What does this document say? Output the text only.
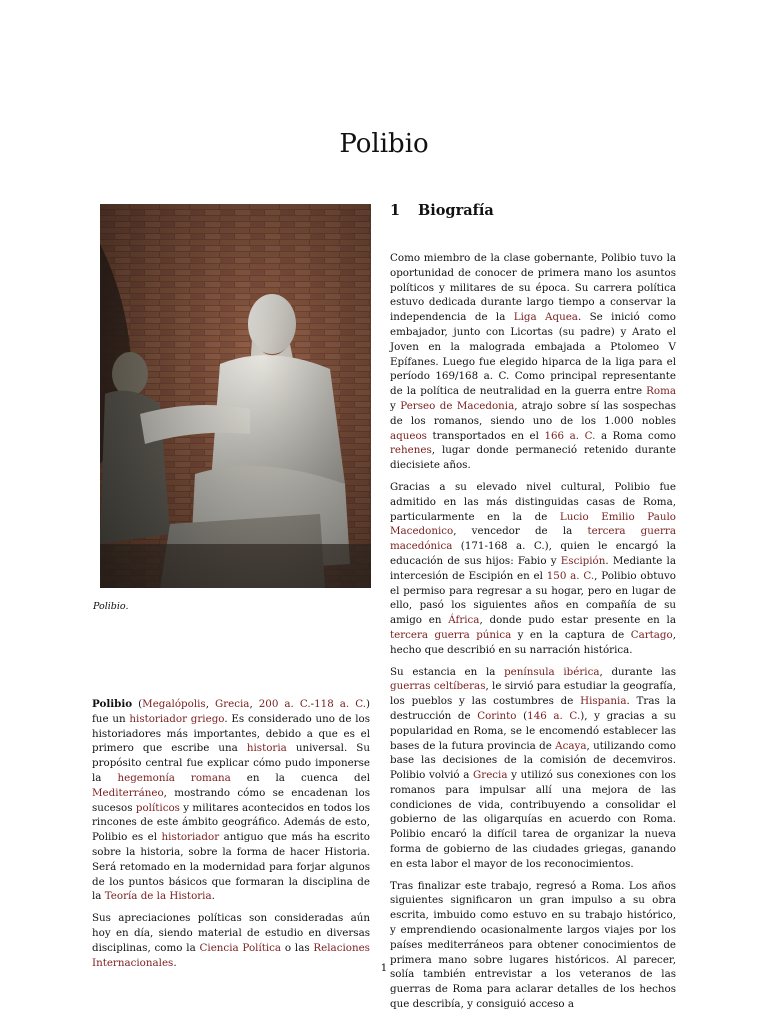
Polibio
Polibio.
1 Biografía

Polibio (Megalópolis, Grecia, 200 a. C.-118 a. C.) fue un historiador griego. Es considerado uno de los historiadores más importantes, debido a que es el primero que escribe una historia universal. Su propósito central fue explicar cómo pudo imponerse la hegemonía romana en la cuenca del Mediterráneo, mostrando cómo se encadenan los sucesos políticos y militares acontecidos en todos los rincones de este ámbito geográfico. Además de esto, Polibio es el historiador antiguo que más ha escrito sobre la historia, sobre la forma de hacer Historia. Será retomado en la modernidad para forjar algunos de los puntos básicos que formaran la disciplina de la Teoría de la Historia.

Sus apreciaciones políticas son consideradas aún hoy en día, siendo material de estudio en diversas disciplinas, como la Ciencia Política o las Relaciones Internacionales.

Como miembro de la clase gobernante, Polibio tuvo la oportunidad de conocer de primera mano los asuntos políticos y militares de su época. Su carrera política estuvo dedicada durante largo tiempo a conservar la independencia de la Liga Aquea. Se inició como embajador, junto con Licortas (su padre) y Arato el Joven en la malograda embajada a Ptolomeo V Epífanes. Luego fue elegido hiparca de la liga para el período 169/168 a. C. Como principal representante de la política de neutralidad en la guerra entre Roma y Perseo de Macedonia, atrajo sobre sí las sospechas de los romanos, siendo uno de los 1.000 nobles aqueos transportados en el 166 a. C. a Roma como rehenes, lugar donde permaneció retenido durante diecisiete años.

Gracias a su elevado nivel cultural, Polibio fue admitido en las más distinguidas casas de Roma, particularmente en la de Lucio Emilio Paulo Macedonico, vencedor de la tercera guerra macedónica (171-168 a. C.), quien le encargó la educación de sus hijos: Fabio y Escipión. Mediante la intercesión de Escipión en el 150 a. C., Polibio obtuvo el permiso para regresar a su hogar, pero en lugar de ello, pasó los siguientes años en compañía de su amigo en África, donde pudo estar presente en la tercera guerra púnica y en la captura de Cartago, hecho que describió en su narración histórica.

Su estancia en la península ibérica, durante las guerras celtíberas, le sirvió para estudiar la geografía, los pueblos y las costumbres de Hispania. Tras la destrucción de Corinto (146 a. C.), y gracias a su popularidad en Roma, se le encomendó establecer las bases de la futura provincia de Acaya, utilizando como base las decisiones de la comisión de decemviros. Polibio volvió a Grecia y utilizó sus conexiones con los romanos para impulsar allí una mejora de las condiciones de vida, contribuyendo a consolidar el gobierno de las oligarquías en acuerdo con Roma. Polibio encaró la difícil tarea de organizar la nueva forma de gobierno de las ciudades griegas, ganando en esta labor el mayor de los reconocimientos.

Tras finalizar este trabajo, regresó a Roma. Los años siguientes significaron un gran impulso a su obra escrita, imbuido como estuvo en su trabajo histórico, y emprendiendo ocasionalmente largos viajes por los países mediterráneos para obtener conocimientos de primera mano sobre lugares históricos. Al parecer, solía también entrevistar a los veteranos de las guerras de Roma para aclarar detalles de los hechos que describía, y consiguió acceso a

1
